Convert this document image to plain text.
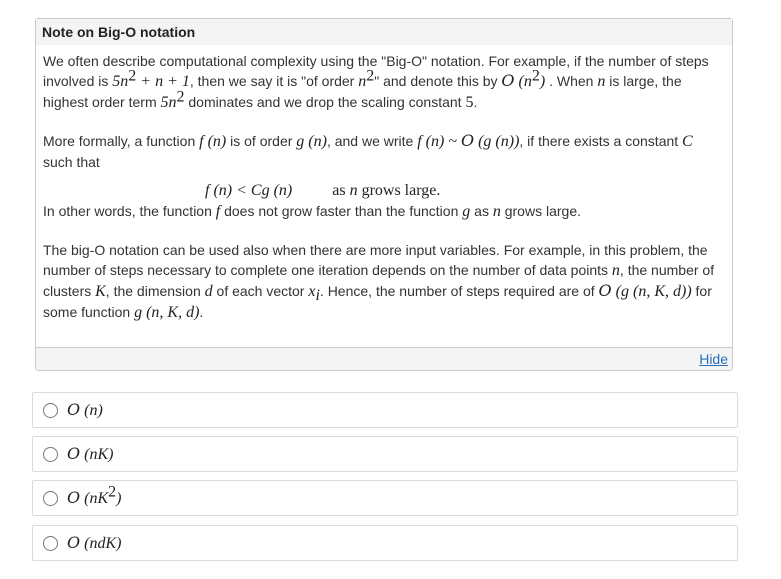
Note on Big-O notation

We often describe computational complexity using the "Big-O" notation. For example, if the number of steps involved is $5n^2 + n + 1$, then we say it is "of order $n^2$" and denote this by O $(n^2)$ . When n is large, the highest order term $5n^2$ dominates and we drop the scaling constant 5.

More formally, a function f (n) is of order g (n), and we write f (n) ~ O (g (n)), if there exists a constant C such that

f (n) < Cg (n)	as n grows large.

In other words, the function f does not grow faster than the function g as n grows large.

The big-O notation can be used also when there are more input variables. For example, in this problem, the number of steps necessary to complete one iteration depends on the number of data points n, the number of clusters K, the dimension d of each vector $x_i$. Hence, the number of steps required are of O (g (n, K, d)) for some function g (n, K, d).

Hide
O (n)
O (nK)
O $(nK^2)$
O (ndK)
